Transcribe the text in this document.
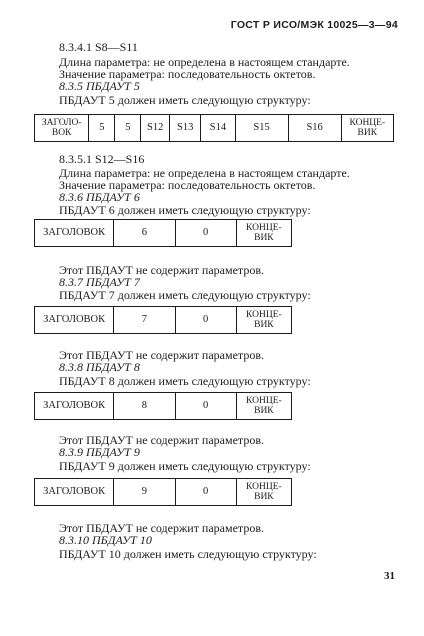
ГОСТ Р ИСО/МЭК 10025—3—94
8.3.4.1 S8—S11
Длина параметра: не определена в настоящем стандарте.
Значение параметра: последовательность октетов.
8.3.5 ПБДАУТ 5
ПБДАУТ 5 должен иметь следующую структуру:
ЗАГОЛО-ВОК	5	5	S12	S13	S14	S15	S16	КОНЦЕ-ВИК
8.3.5.1 S12—S16
Длина параметра: не определена в настоящем стандарте.
Значение параметра: последовательность октетов.
8.3.6 ПБДАУТ 6
ПБДАУТ 6 должен иметь следующую структуру:
ЗАГОЛОВОК	6	0	КОНЦЕ-ВИК
Этот ПБДАУТ не содержит параметров.
8.3.7 ПБДАУТ 7
ПБДАУТ 7 должен иметь следующую структуру:
ЗАГОЛОВОК	7	0	КОНЦЕ-ВИК
Этот ПБДАУТ не содержит параметров.
8.3.8 ПБДАУТ 8
ПБДАУТ 8 должен иметь следующую структуру:
ЗАГОЛОВОК	8	0	КОНЦЕ-ВИК
Этот ПБДАУТ не содержит параметров.
8.3.9 ПБДАУТ 9
ПБДАУТ 9 должен иметь следующую структуру:
ЗАГОЛОВОК	9	0	КОНЦЕ-ВИК
Этот ПБДАУТ не содержит параметров.
8.3.10 ПБДАУТ 10
ПБДАУТ 10 должен иметь следующую структуру:
31
